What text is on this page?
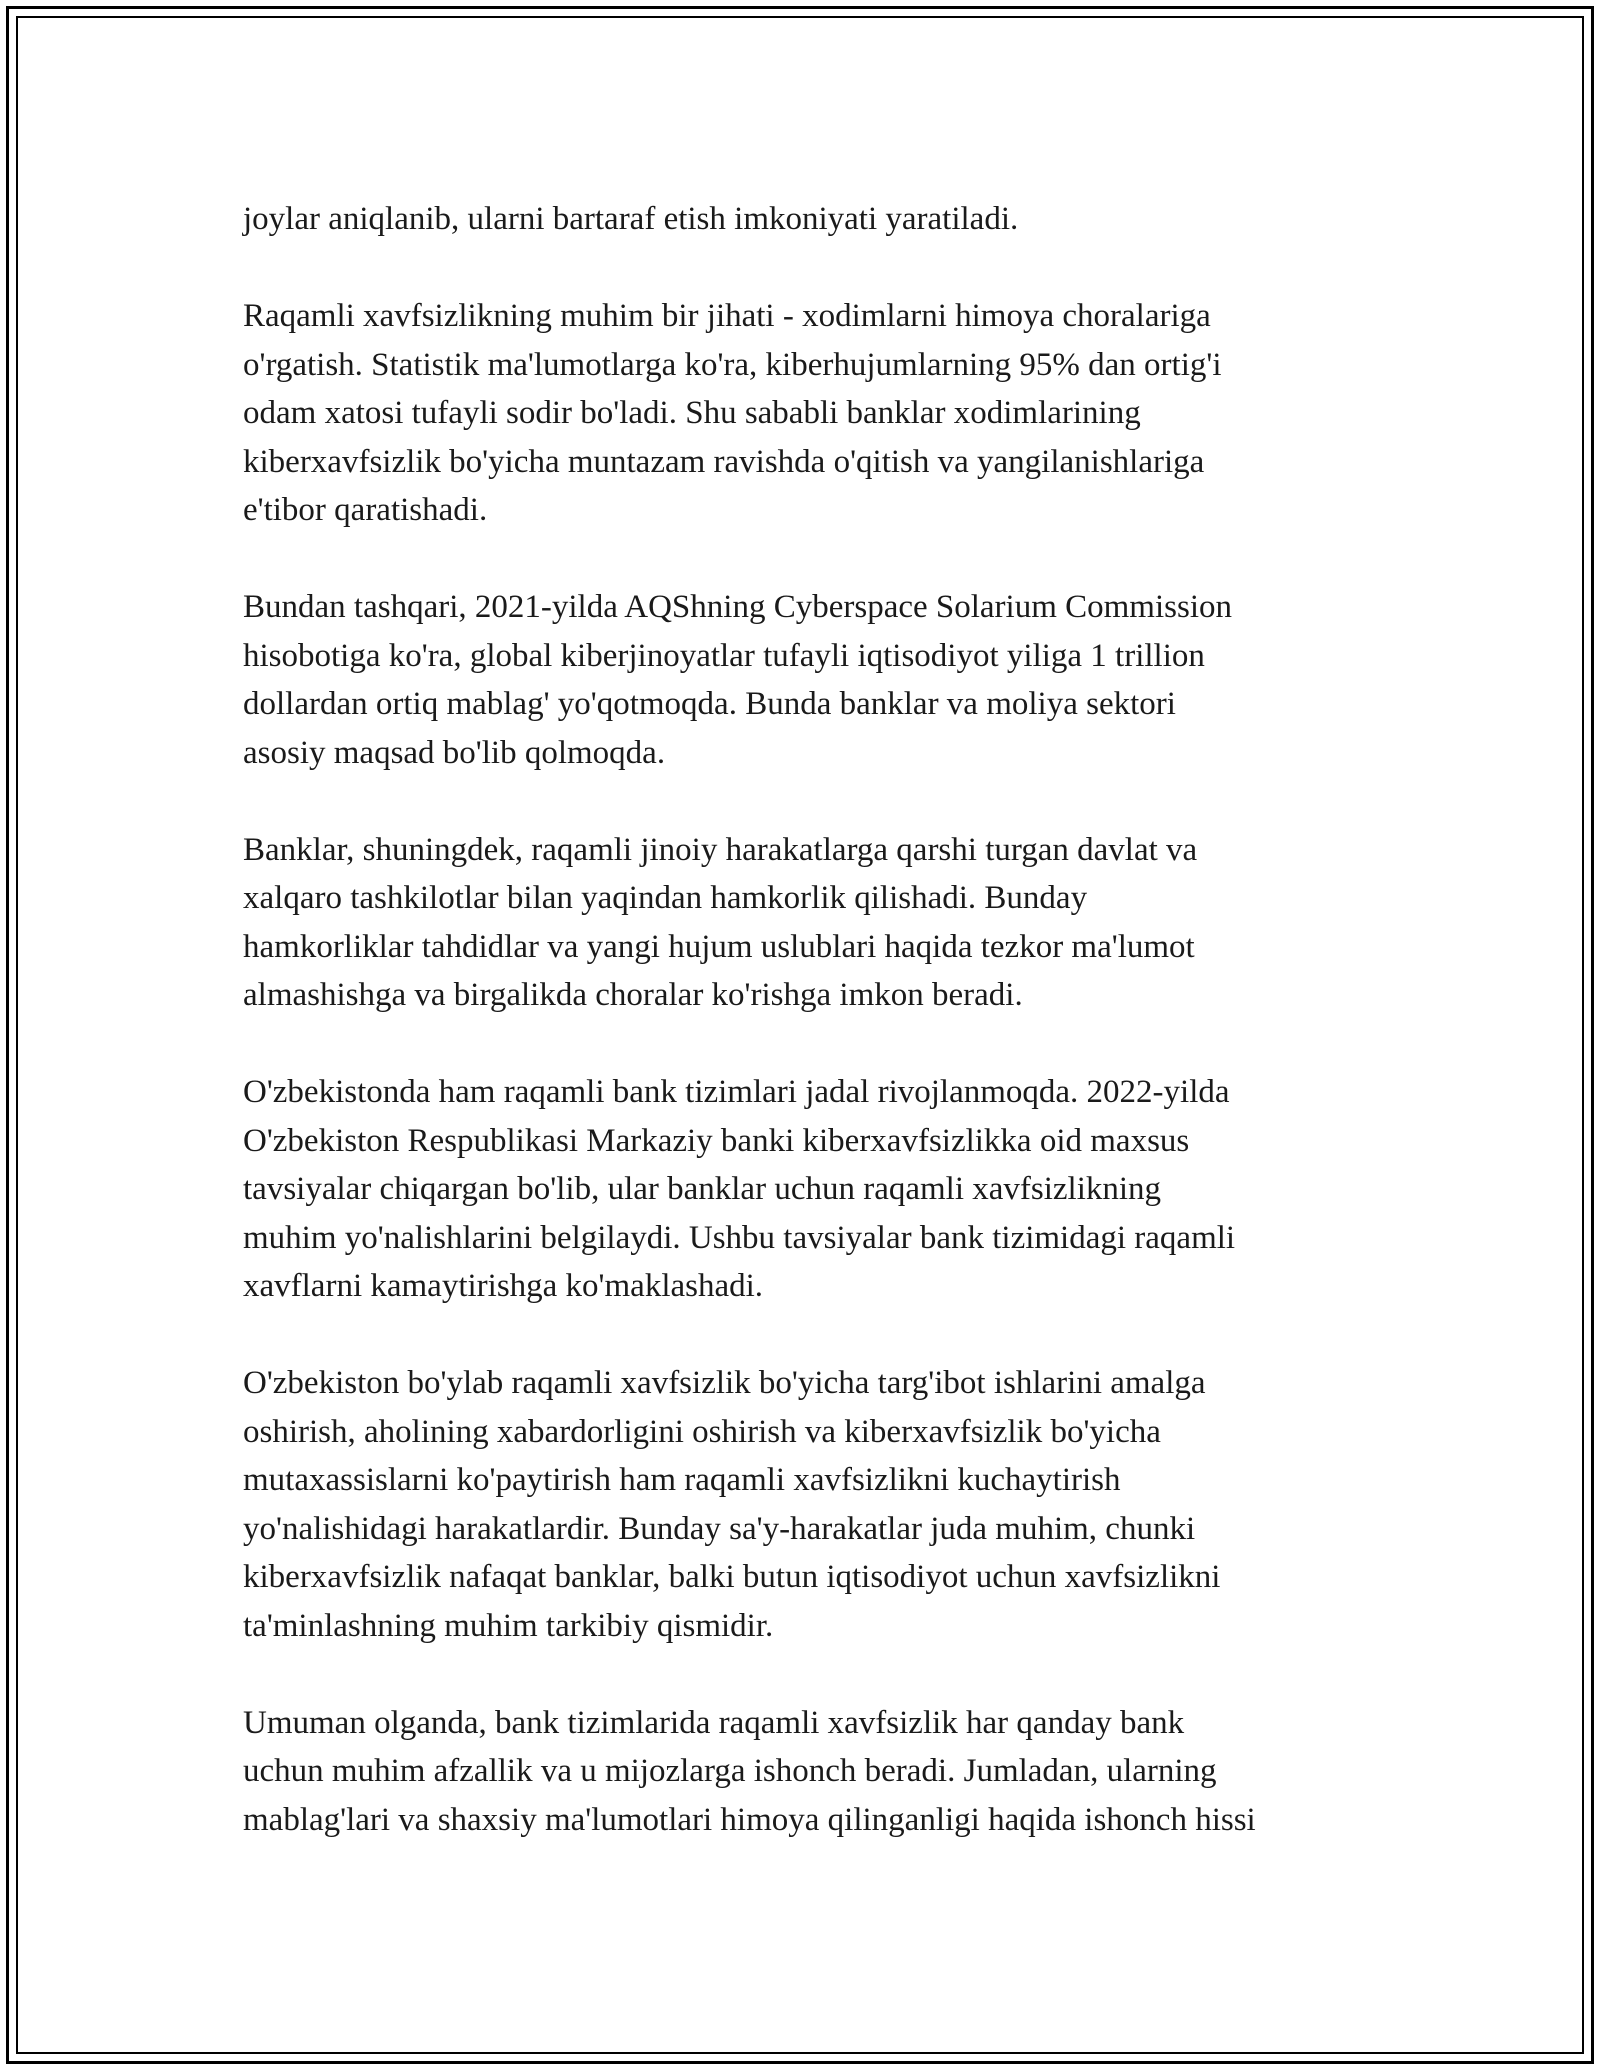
joylar aniqlanib, ularni bartaraf etish imkoniyati yaratiladi.
Raqamli xavfsizlikning muhim bir jihati - xodimlarni himoya choralariga
o'rgatish. Statistik ma'lumotlarga ko'ra, kiberhujumlarning 95% dan ortig'i
odam xatosi tufayli sodir bo'ladi. Shu sababli banklar xodimlarining
kiberxavfsizlik bo'yicha muntazam ravishda o'qitish va yangilanishlariga
e'tibor qaratishadi.
Bundan tashqari, 2021-yilda AQShning Cyberspace Solarium Commission
hisobotiga ko'ra, global kiberjinoyatlar tufayli iqtisodiyot yiliga 1 trillion
dollardan ortiq mablag' yo'qotmoqda. Bunda banklar va moliya sektori
asosiy maqsad bo'lib qolmoqda.
Banklar, shuningdek, raqamli jinoiy harakatlarga qarshi turgan davlat va
xalqaro tashkilotlar bilan yaqindan hamkorlik qilishadi. Bunday
hamkorliklar tahdidlar va yangi hujum uslublari haqida tezkor ma'lumot
almashishga va birgalikda choralar ko'rishga imkon beradi.
O'zbekistonda ham raqamli bank tizimlari jadal rivojlanmoqda. 2022-yilda
O'zbekiston Respublikasi Markaziy banki kiberxavfsizlikka oid maxsus
tavsiyalar chiqargan bo'lib, ular banklar uchun raqamli xavfsizlikning
muhim yo'nalishlarini belgilaydi. Ushbu tavsiyalar bank tizimidagi raqamli
xavflarni kamaytirishga ko'maklashadi.
O'zbekiston bo'ylab raqamli xavfsizlik bo'yicha targ'ibot ishlarini amalga
oshirish, aholining xabardorligini oshirish va kiberxavfsizlik bo'yicha
mutaxassislarni ko'paytirish ham raqamli xavfsizlikni kuchaytirish
yo'nalishidagi harakatlardir. Bunday sa'y-harakatlar juda muhim, chunki
kiberxavfsizlik nafaqat banklar, balki butun iqtisodiyot uchun xavfsizlikni
ta'minlashning muhim tarkibiy qismidir.
Umuman olganda, bank tizimlarida raqamli xavfsizlik har qanday bank
uchun muhim afzallik va u mijozlarga ishonch beradi. Jumladan, ularning
mablag'lari va shaxsiy ma'lumotlari himoya qilinganligi haqida ishonch hissi
